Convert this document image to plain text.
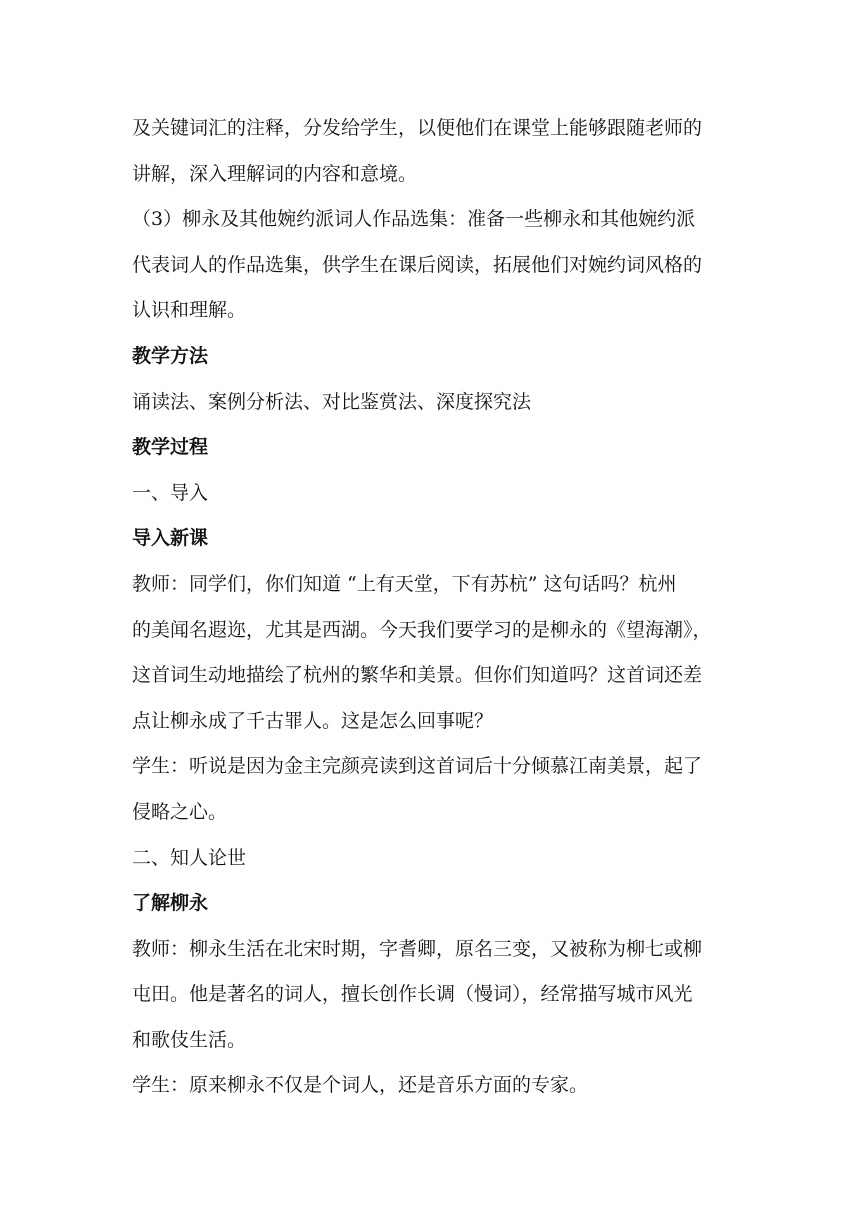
及关键词汇的注释，分发给学生，以便他们在课堂上能够跟随老师的
讲解，深入理解词的内容和意境。
（3）柳永及其他婉约派词人作品选集：准备一些柳永和其他婉约派
代表词人的作品选集，供学生在课后阅读，拓展他们对婉约词风格的
认识和理解。
教学方法
诵读法、案例分析法、对比鉴赏法、深度探究法
教学过程
一、导入
导入新课
教师：同学们，你们知道 “上有天堂，下有苏杭” 这句话吗？杭州
的美闻名遐迩，尤其是西湖。今天我们要学习的是柳永的《望海潮》，
这首词生动地描绘了杭州的繁华和美景。但你们知道吗？这首词还差
点让柳永成了千古罪人。这是怎么回事呢？
学生：听说是因为金主完颜亮读到这首词后十分倾慕江南美景，起了
侵略之心。
二、知人论世
了解柳永
教师：柳永生活在北宋时期，字耆卿，原名三变，又被称为柳七或柳
屯田。他是著名的词人，擅长创作长调（慢词），经常描写城市风光
和歌伎生活。
学生：原来柳永不仅是个词人，还是音乐方面的专家。
